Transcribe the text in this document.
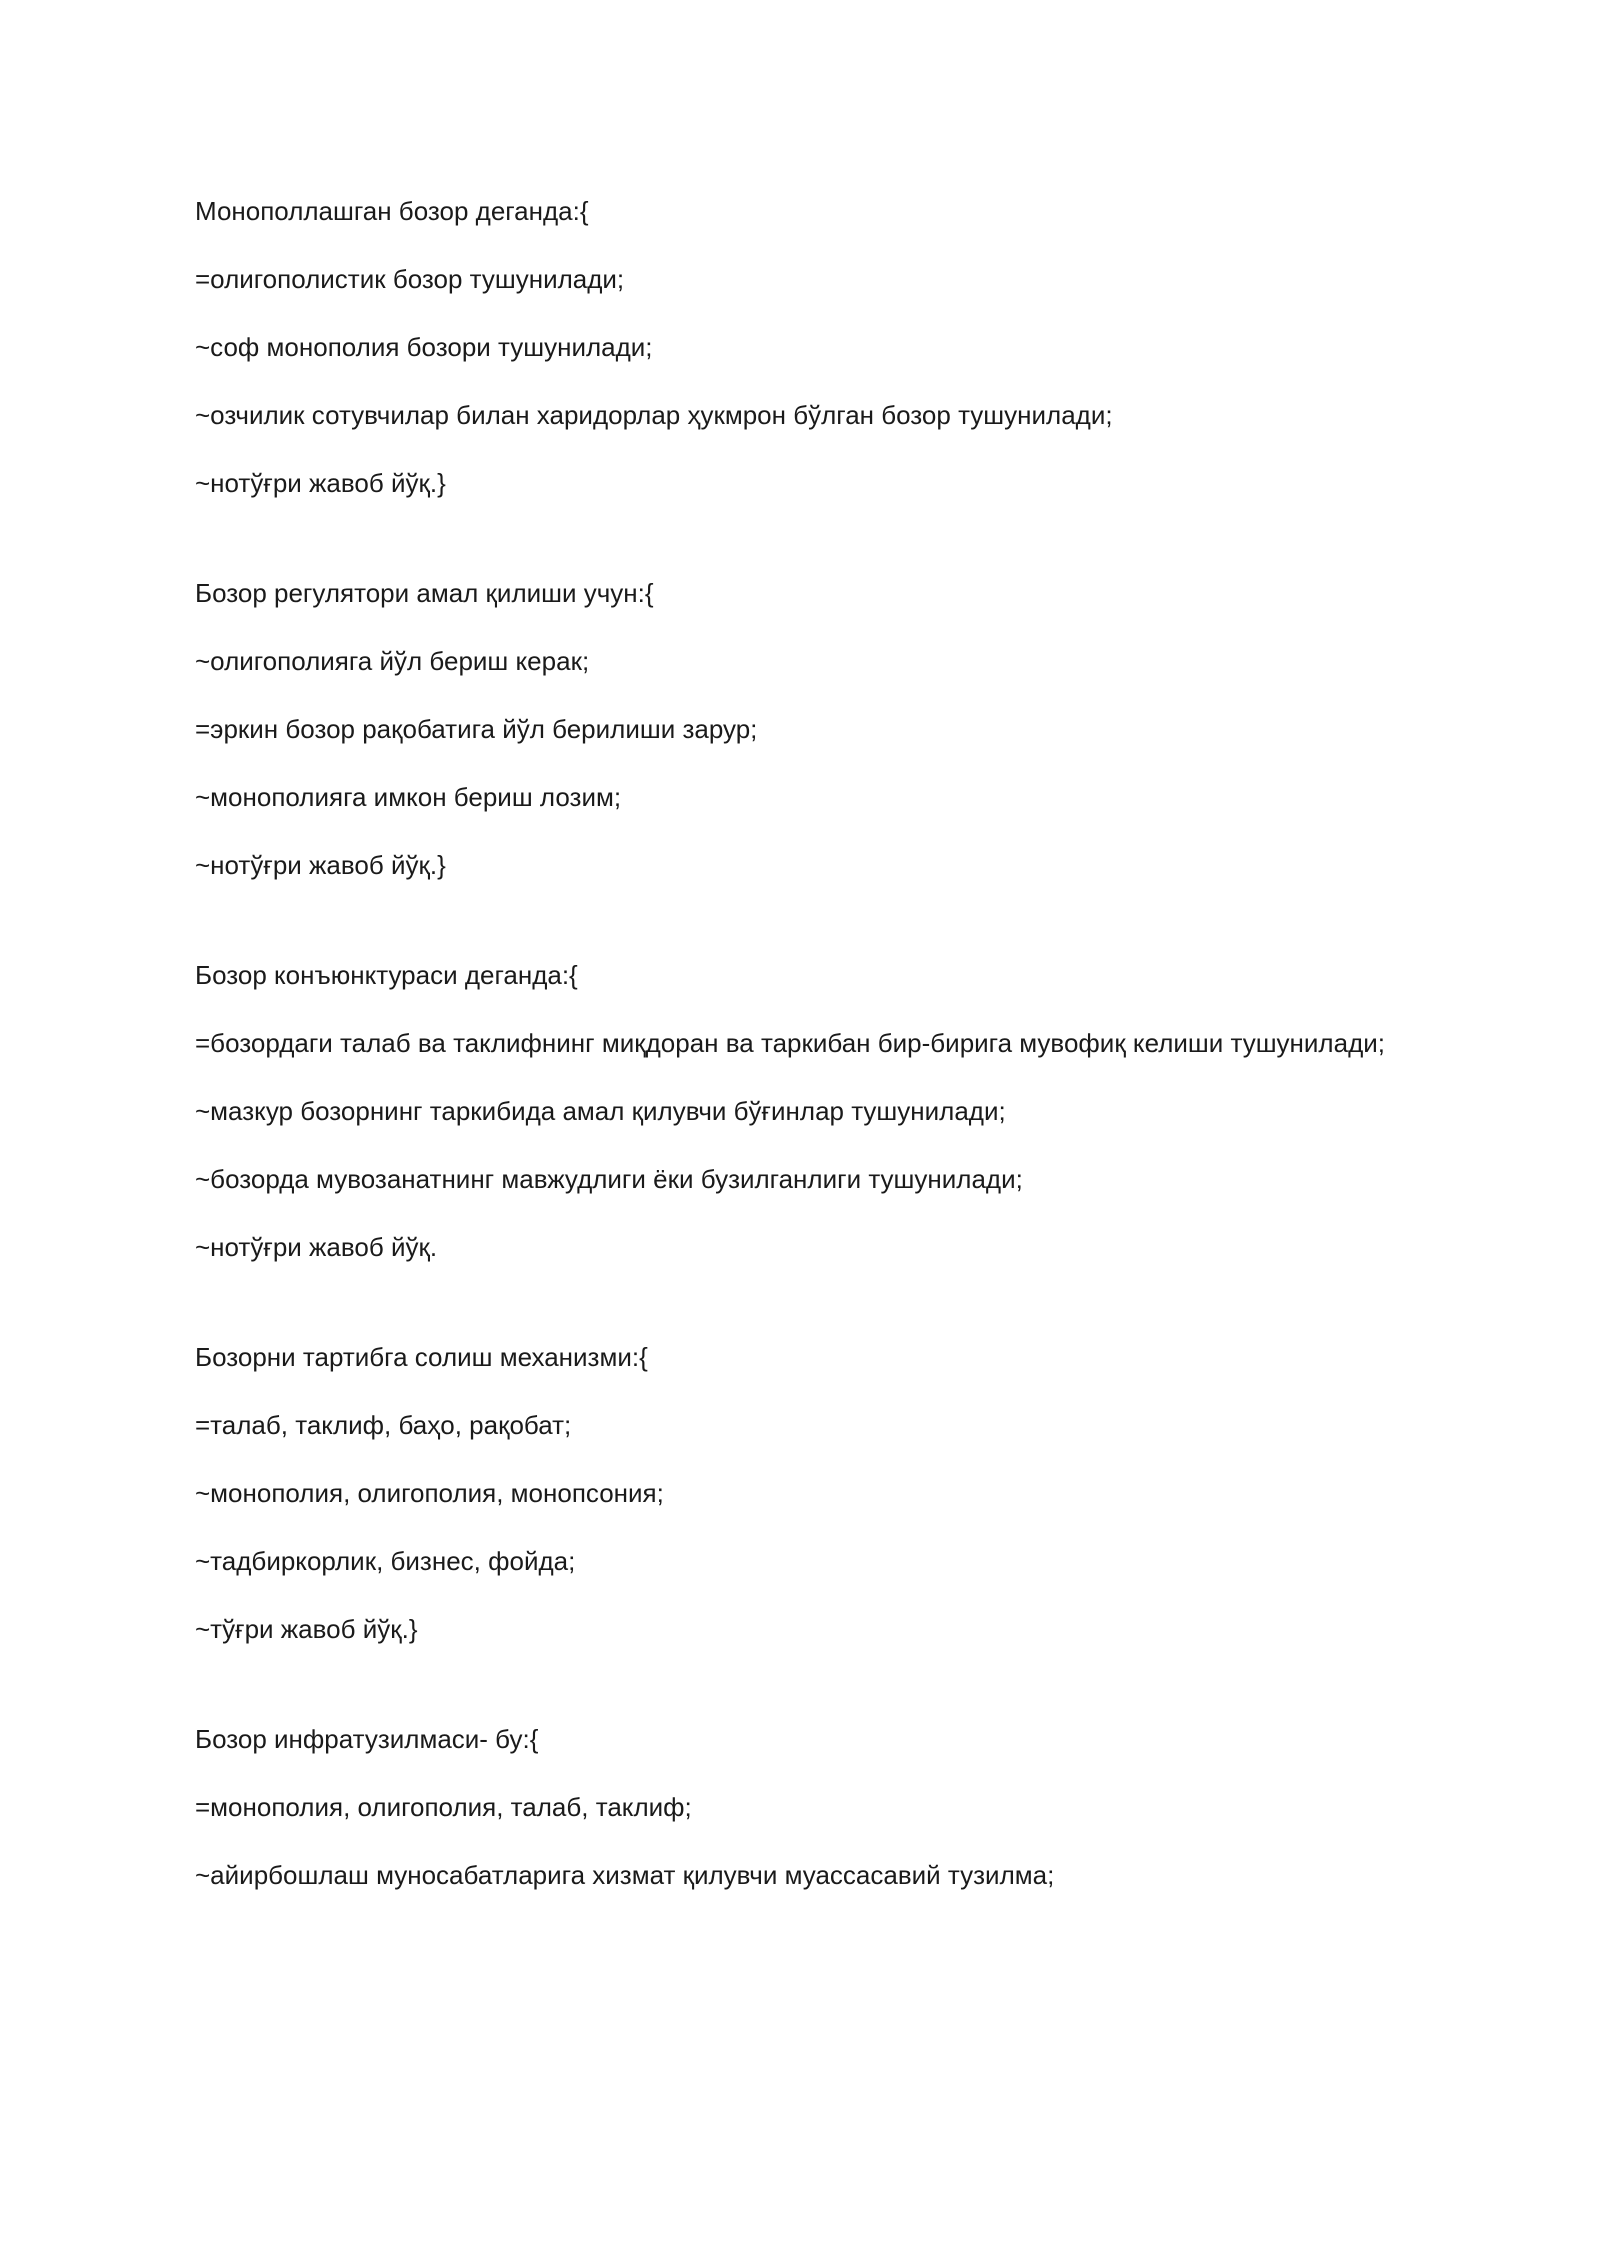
Монополлашган бозор деганда:{

=олигополистик бозор тушунилади;

~соф монополия бозори тушунилади;

~озчилик сотувчилар билан харидорлар ҳукмрон бўлган бозор тушунилади;

~нотўғри жавоб йўқ.}

Бозор регулятори амал қилиши учун:{

~олигополияга йўл бериш керак;

=эркин бозор рақобатига йўл берилиши зарур;

~монополияга имкон бериш лозим;

~нотўғри жавоб йўқ.}

Бозор конъюнктураси деганда:{

=бозордаги талаб ва таклифнинг миқдоран ва таркибан бир-бирига мувофиқ келиши тушунилади;

~мазкур бозорнинг таркибида амал қилувчи бўғинлар тушунилади;

~бозорда мувозанатнинг мавжудлиги ёки бузилганлиги тушунилади;

~нотўғри жавоб йўқ.

Бозорни тартибга солиш механизми:{

=талаб, таклиф, баҳо, рақобат;

~монополия, олигополия, монопсония;

~тадбиркорлик, бизнес, фойда;

~тўғри жавоб йўқ.}

Бозор инфратузилмаси- бу:{

=монополия, олигополия, талаб, таклиф;

~айирбошлаш муносабатларига хизмат қилувчи муассасавий тузилма;
